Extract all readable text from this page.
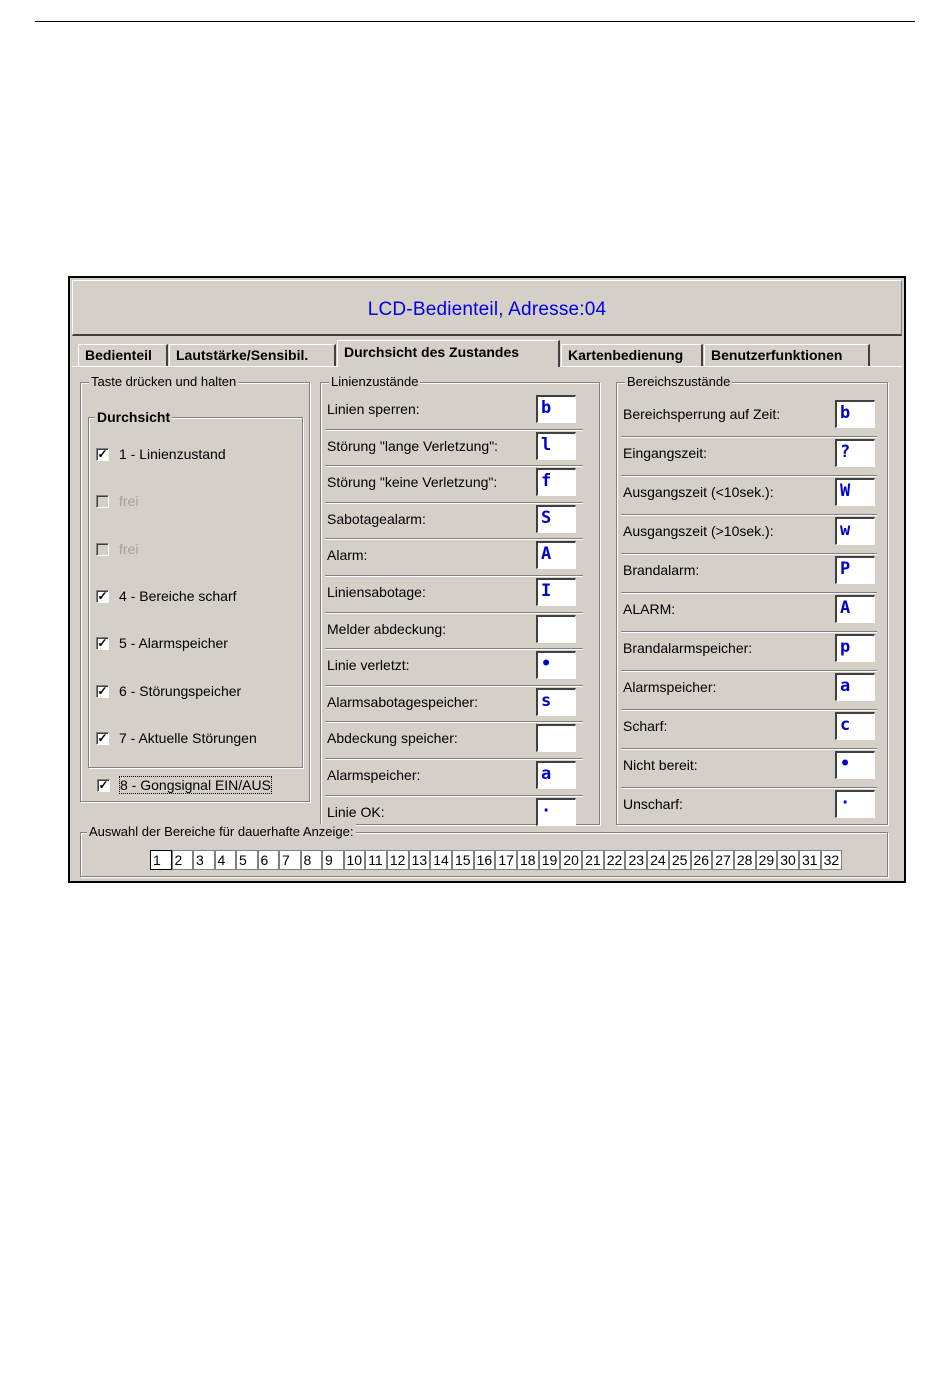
LCD-Bedienteil, Adresse:04
Bedienteil	Lautstärke/Sensibil.	Durchsicht des Zustandes	Kartenbedienung	Benutzerfunktionen
Taste drücken und halten
Durchsicht
✓ 1 - Linienzustand
frei
frei
✓ 4 - Bereiche scharf
✓ 5 - Alarmspeicher
✓ 6 - Störungspeicher
✓ 7 - Aktuelle Störungen
✓ 8 - Gongsignal EIN/AUS
Linienzustände
Linien sperren:	b
Störung "lange Verletzung":	l
Störung "keine Verletzung":	f
Sabotagealarm:	S
Alarm:	A
Liniensabotage:	I
Melder abdeckung:
Linie verletzt:	•
Alarmsabotagespeicher:	s
Abdeckung speicher:
Alarmspeicher:	a
Linie OK:	·
Bereichszustände
Bereichsperrung auf Zeit:	b
Eingangszeit:	?
Ausgangszeit (<10sek.):	W
Ausgangszeit (>10sek.):	w
Brandalarm:	P
ALARM:	A
Brandalarmspeicher:	p
Alarmspeicher:	a
Scharf:	c
Nicht bereit:	•
Unscharf:	·
Auswahl der Bereiche für dauerhafte Anzeige:
1 2 3 4 5 6 7 8 9 10 11 12 13 14 15 16 17 18 19 20 21 22 23 24 25 26 27 28 29 30 31 32
